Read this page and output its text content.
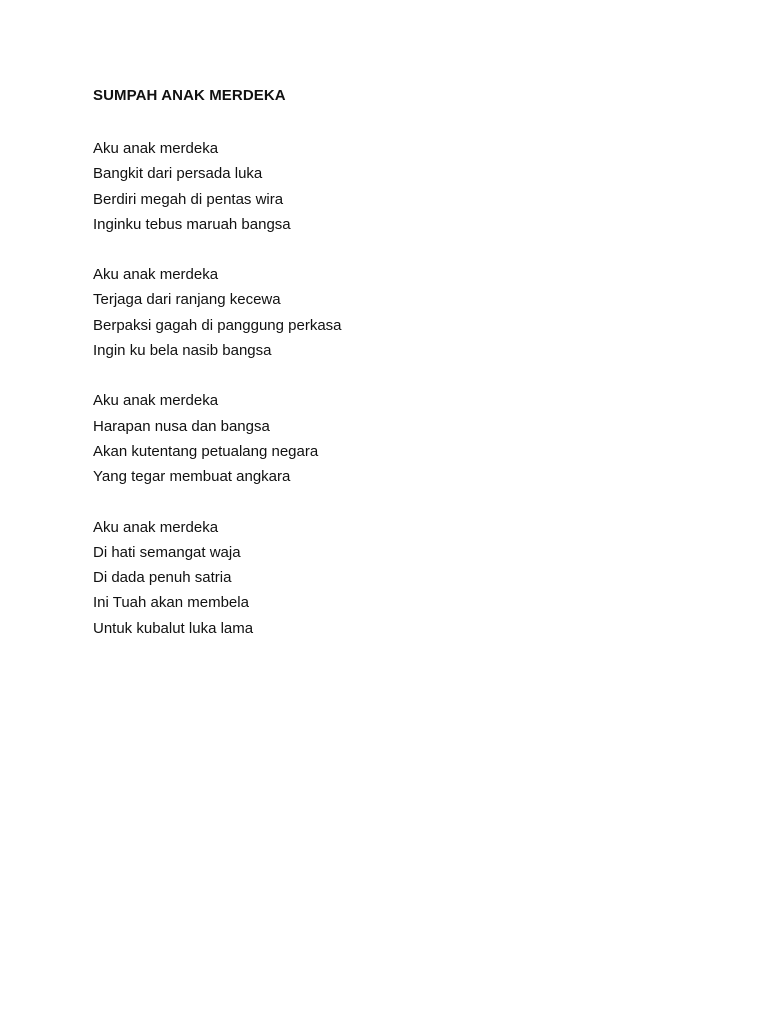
SUMPAH ANAK MERDEKA
Aku anak merdeka
Bangkit dari persada luka
Berdiri megah di pentas wira
Inginku tebus maruah bangsa
Aku anak merdeka
Terjaga dari ranjang kecewa
Berpaksi gagah di panggung perkasa
Ingin ku bela nasib bangsa
Aku anak merdeka
Harapan nusa dan bangsa
Akan kutentang petualang negara
Yang tegar membuat angkara
Aku anak merdeka
Di hati semangat waja
Di dada penuh satria
Ini Tuah akan membela
Untuk kubalut luka lama
